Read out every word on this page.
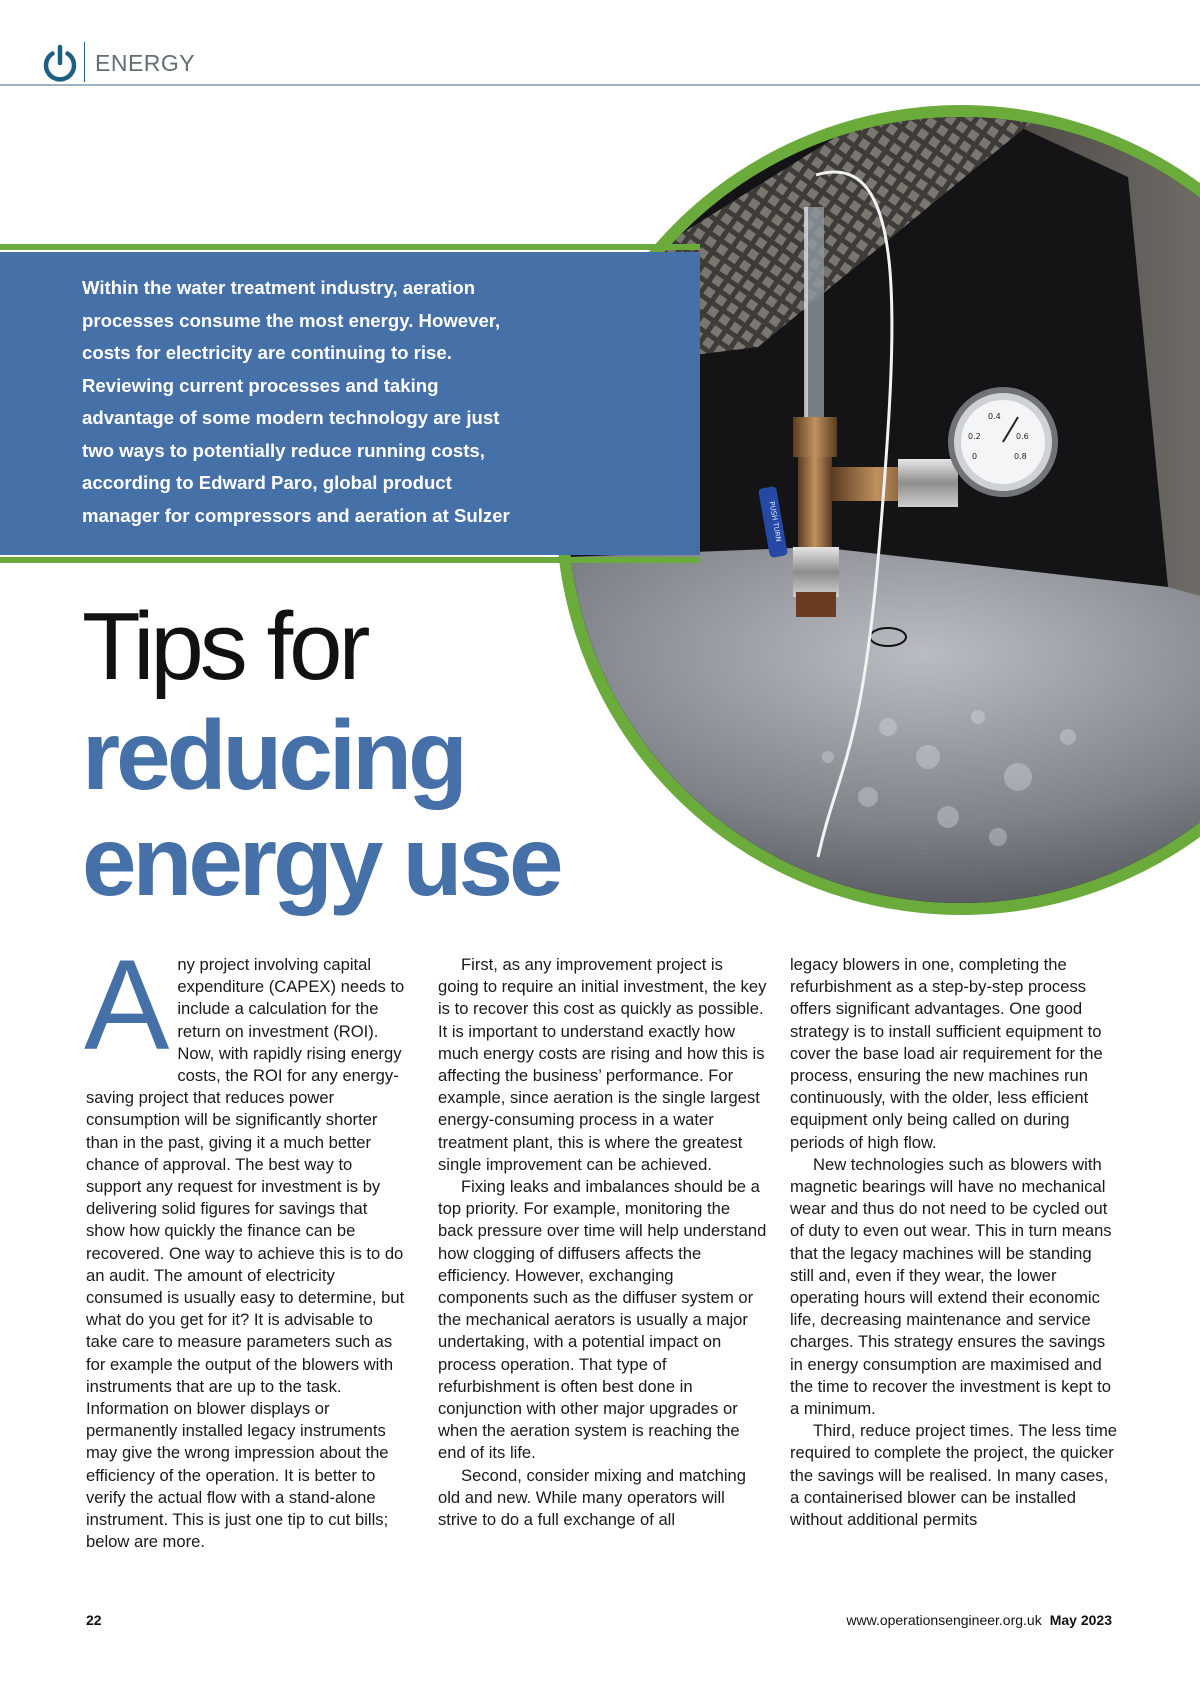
ENERGY
PUSH TURN
0.4
0.2	0.6
0	0.8

Within the water treatment industry, aeration processes consume the most energy. However, costs for electricity are continuing to rise. Reviewing current processes and taking advantage of some modern technology are just two ways to potentially reduce running costs, according to Edward Paro, global product manager for compressors and aeration at Sulzer

Tips for
reducing
energy use

Any project involving capital expenditure (CAPEX) needs to include a calculation for the return on investment (ROI). Now, with rapidly rising energy costs, the ROI for any energy-saving project that reduces power consumption will be significantly shorter than in the past, giving it a much better chance of approval. The best way to support any request for investment is by delivering solid figures for savings that show how quickly the finance can be recovered. One way to achieve this is to do an audit. The amount of electricity consumed is usually easy to determine, but what do you get for it? It is advisable to take care to measure parameters such as for example the output of the blowers with instruments that are up to the task. Information on blower displays or permanently installed legacy instruments may give the wrong impression about the efficiency of the operation. It is better to verify the actual flow with a stand-alone instrument. This is just one tip to cut bills; below are more.

First, as any improvement project is going to require an initial investment, the key is to recover this cost as quickly as possible. It is important to understand exactly how much energy costs are rising and how this is affecting the business’ performance. For example, since aeration is the single largest energy-consuming process in a water treatment plant, this is where the greatest single improvement can be achieved.

Fixing leaks and imbalances should be a top priority. For example, monitoring the back pressure over time will help understand how clogging of diffusers affects the efficiency. However, exchanging components such as the diffuser system or the mechanical aerators is usually a major undertaking, with a potential impact on process operation. That type of refurbishment is often best done in conjunction with other major upgrades or when the aeration system is reaching the end of its life.

Second, consider mixing and matching old and new. While many operators will strive to do a full exchange of all

legacy blowers in one, completing the refurbishment as a step-by-step process offers significant advantages. One good strategy is to install sufficient equipment to cover the base load air requirement for the process, ensuring the new machines run continuously, with the older, less efficient equipment only being called on during periods of high flow.

New technologies such as blowers with magnetic bearings will have no mechanical wear and thus do not need to be cycled out of duty to even out wear. This in turn means that the legacy machines will be standing still and, even if they wear, the lower operating hours will extend their economic life, decreasing maintenance and service charges. This strategy ensures the savings in energy consumption are maximised and the time to recover the investment is kept to a minimum.

Third, reduce project times. The less time required to complete the project, the quicker the savings will be realised. In many cases, a containerised blower can be installed without additional permits

22	www.operationsengineer.org.uk May 2023
